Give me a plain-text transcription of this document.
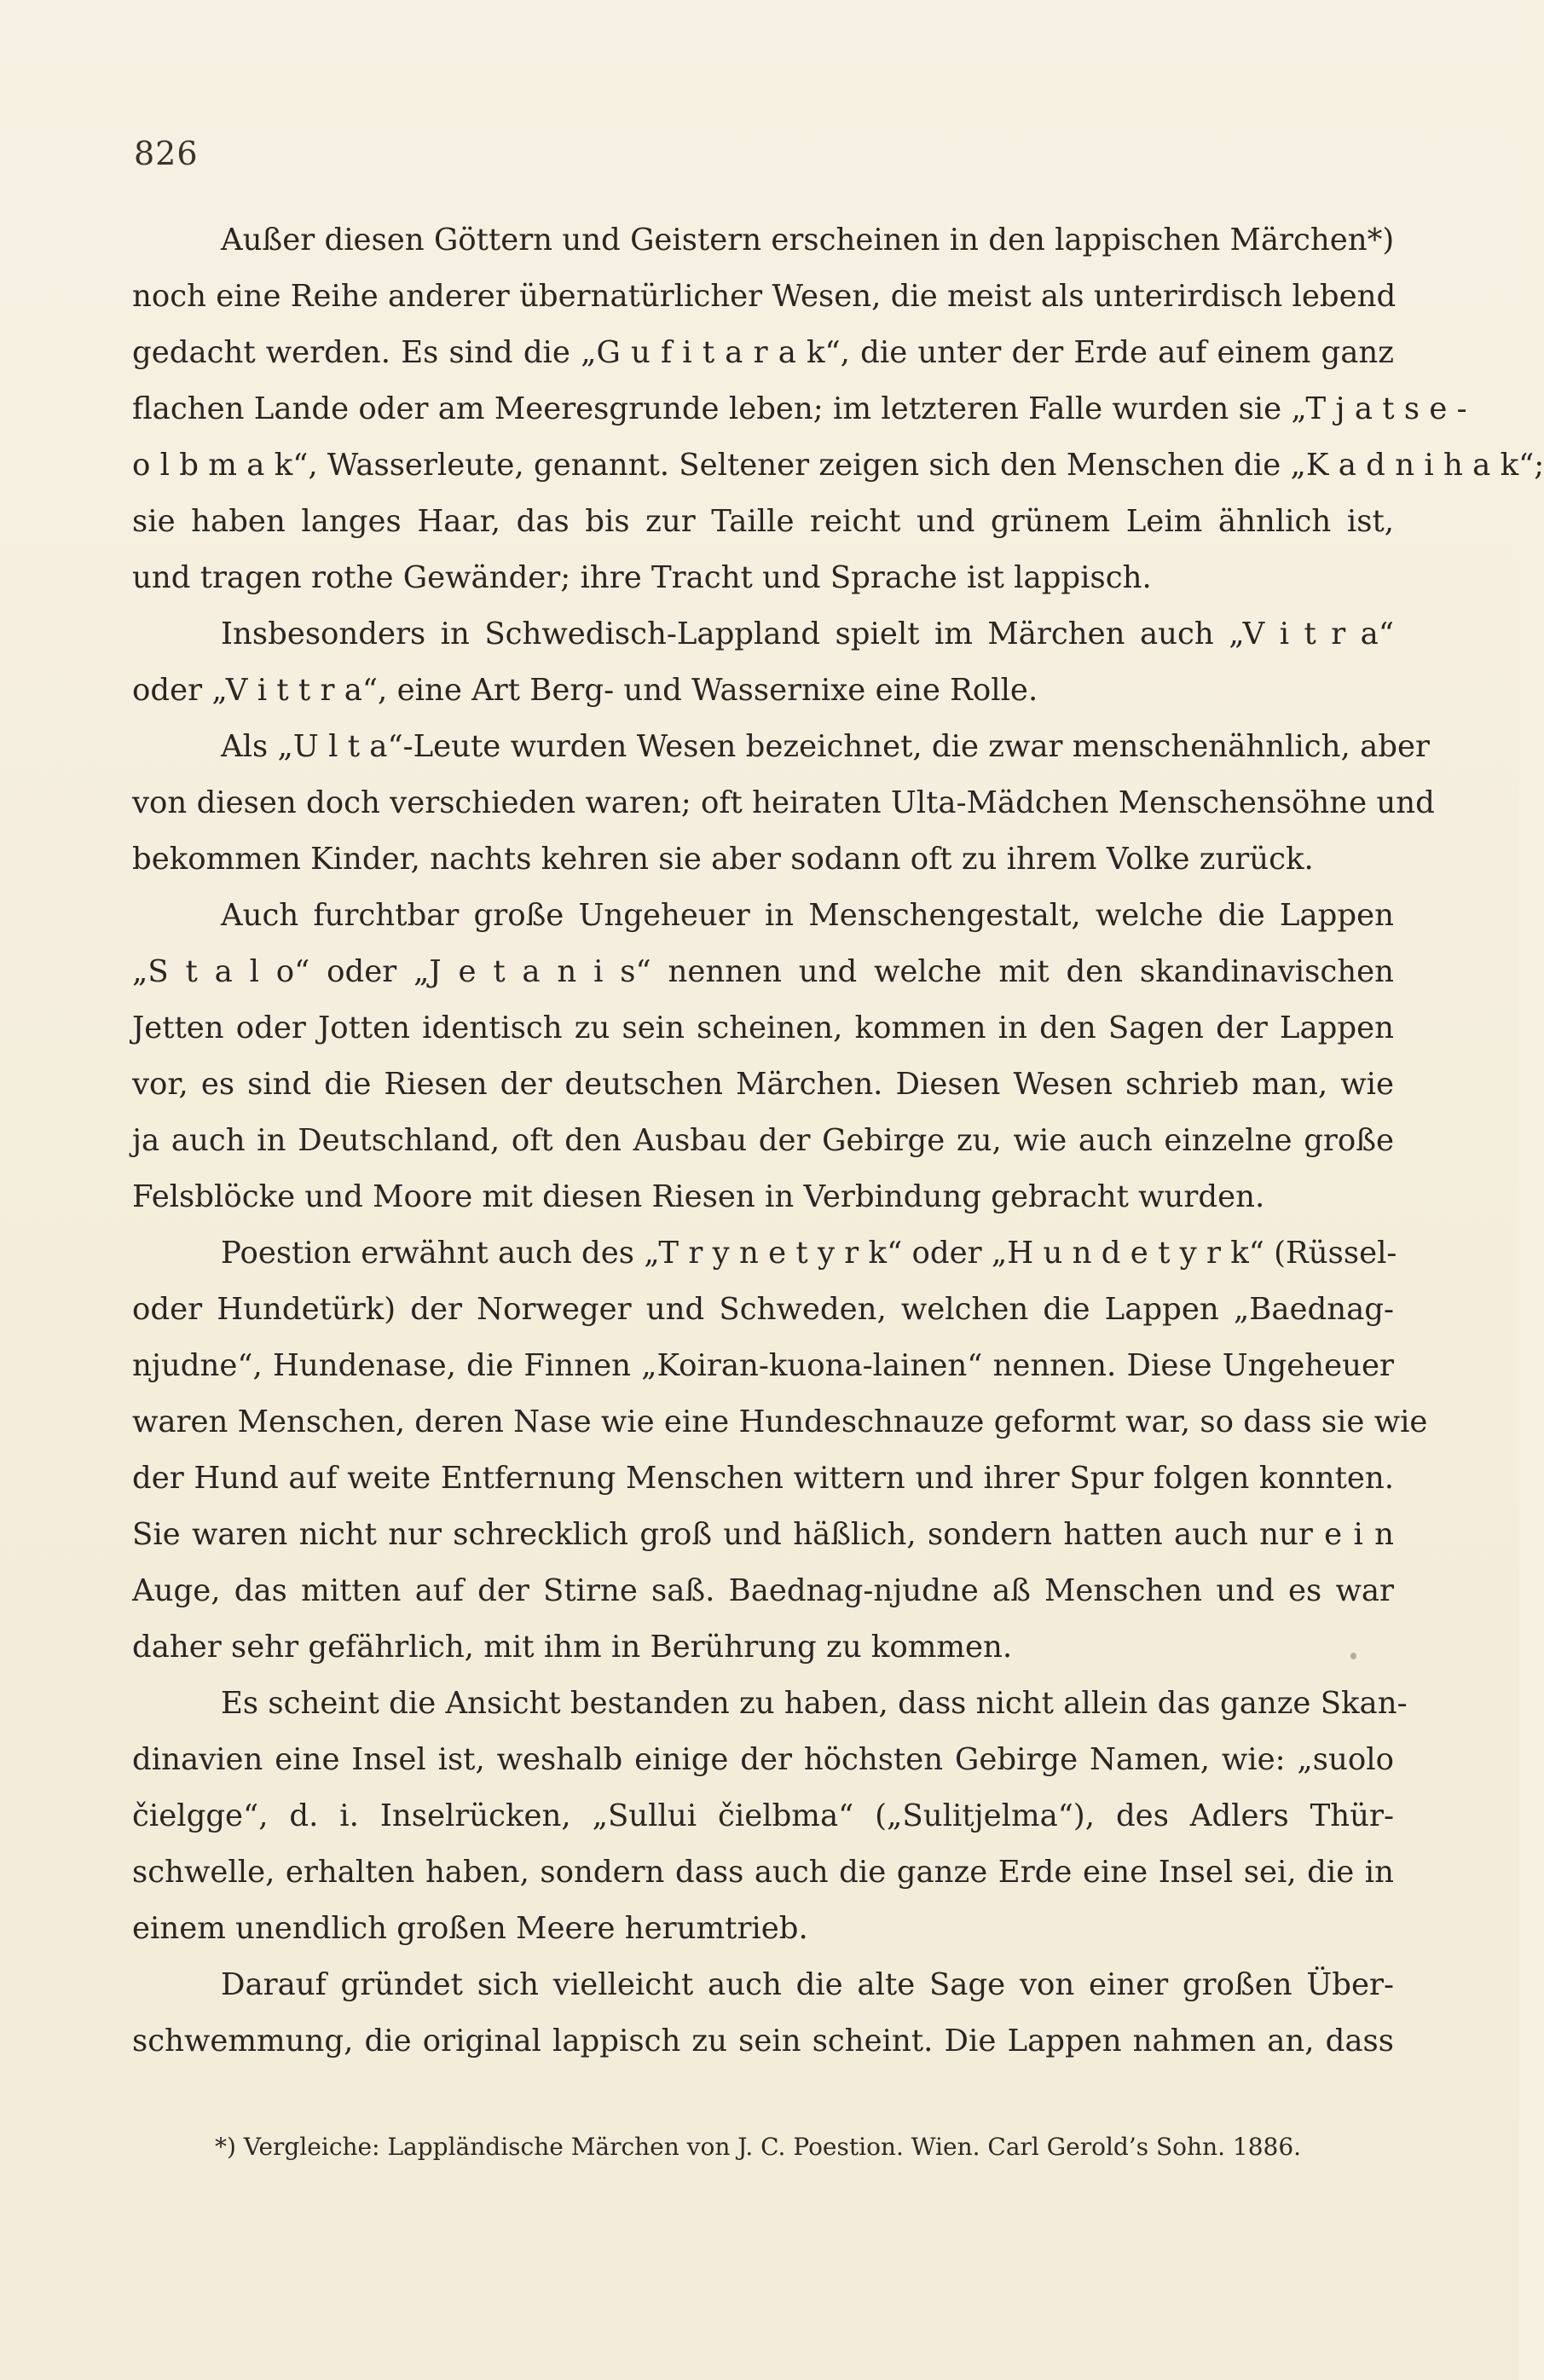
826
Außer diesen Göttern und Geistern erscheinen in den lappischen Märchen*)
noch eine Reihe anderer übernatürlicher Wesen, die meist als unterirdisch lebend
gedacht werden. Es sind die „G u f i t a r a k“, die unter der Erde auf einem ganz
flachen Lande oder am Meeresgrunde leben; im letzteren Falle wurden sie „T j a t s e -
o l b m a k“, Wasserleute, genannt. Seltener zeigen sich den Menschen die „K a d n i h a k“;
sie haben langes Haar, das bis zur Taille reicht und grünem Leim ähnlich ist,
und tragen rothe Gewänder; ihre Tracht und Sprache ist lappisch.
Insbesonders in Schwedisch-Lappland spielt im Märchen auch „V i t r a“
oder „V i t t r a“, eine Art Berg- und Wassernixe eine Rolle.
Als „U l t a“-Leute wurden Wesen bezeichnet, die zwar menschenähnlich, aber
von diesen doch verschieden waren; oft heiraten Ulta-Mädchen Menschensöhne und
bekommen Kinder, nachts kehren sie aber sodann oft zu ihrem Volke zurück.
Auch furchtbar große Ungeheuer in Menschengestalt, welche die Lappen
„S t a l o“ oder „J e t a n i s“ nennen und welche mit den skandinavischen
Jetten oder Jotten identisch zu sein scheinen, kommen in den Sagen der Lappen
vor, es sind die Riesen der deutschen Märchen. Diesen Wesen schrieb man, wie
ja auch in Deutschland, oft den Ausbau der Gebirge zu, wie auch einzelne große
Felsblöcke und Moore mit diesen Riesen in Verbindung gebracht wurden.
Poestion erwähnt auch des „T r y n e t y r k“ oder „H u n d e t y r k“ (Rüssel-
oder Hundetürk) der Norweger und Schweden, welchen die Lappen „Baednag-
njudne“, Hundenase, die Finnen „Koiran-kuona-lainen“ nennen. Diese Ungeheuer
waren Menschen, deren Nase wie eine Hundeschnauze geformt war, so dass sie wie
der Hund auf weite Entfernung Menschen wittern und ihrer Spur folgen konnten.
Sie waren nicht nur schrecklich groß und häßlich, sondern hatten auch nur e i n
Auge, das mitten auf der Stirne saß. Baednag-njudne aß Menschen und es war
daher sehr gefährlich, mit ihm in Berührung zu kommen.
Es scheint die Ansicht bestanden zu haben, dass nicht allein das ganze Skan-
dinavien eine Insel ist, weshalb einige der höchsten Gebirge Namen, wie: „suolo
čielgge“, d. i. Inselrücken, „Sullui čielbma“ („Sulitjelma“), des Adlers Thür-
schwelle, erhalten haben, sondern dass auch die ganze Erde eine Insel sei, die in
einem unendlich großen Meere herumtrieb.
Darauf gründet sich vielleicht auch die alte Sage von einer großen Über-
schwemmung, die original lappisch zu sein scheint. Die Lappen nahmen an, dass
*) Vergleiche: Lappländische Märchen von J. C. Poestion. Wien. Carl Gerold’s Sohn. 1886.
